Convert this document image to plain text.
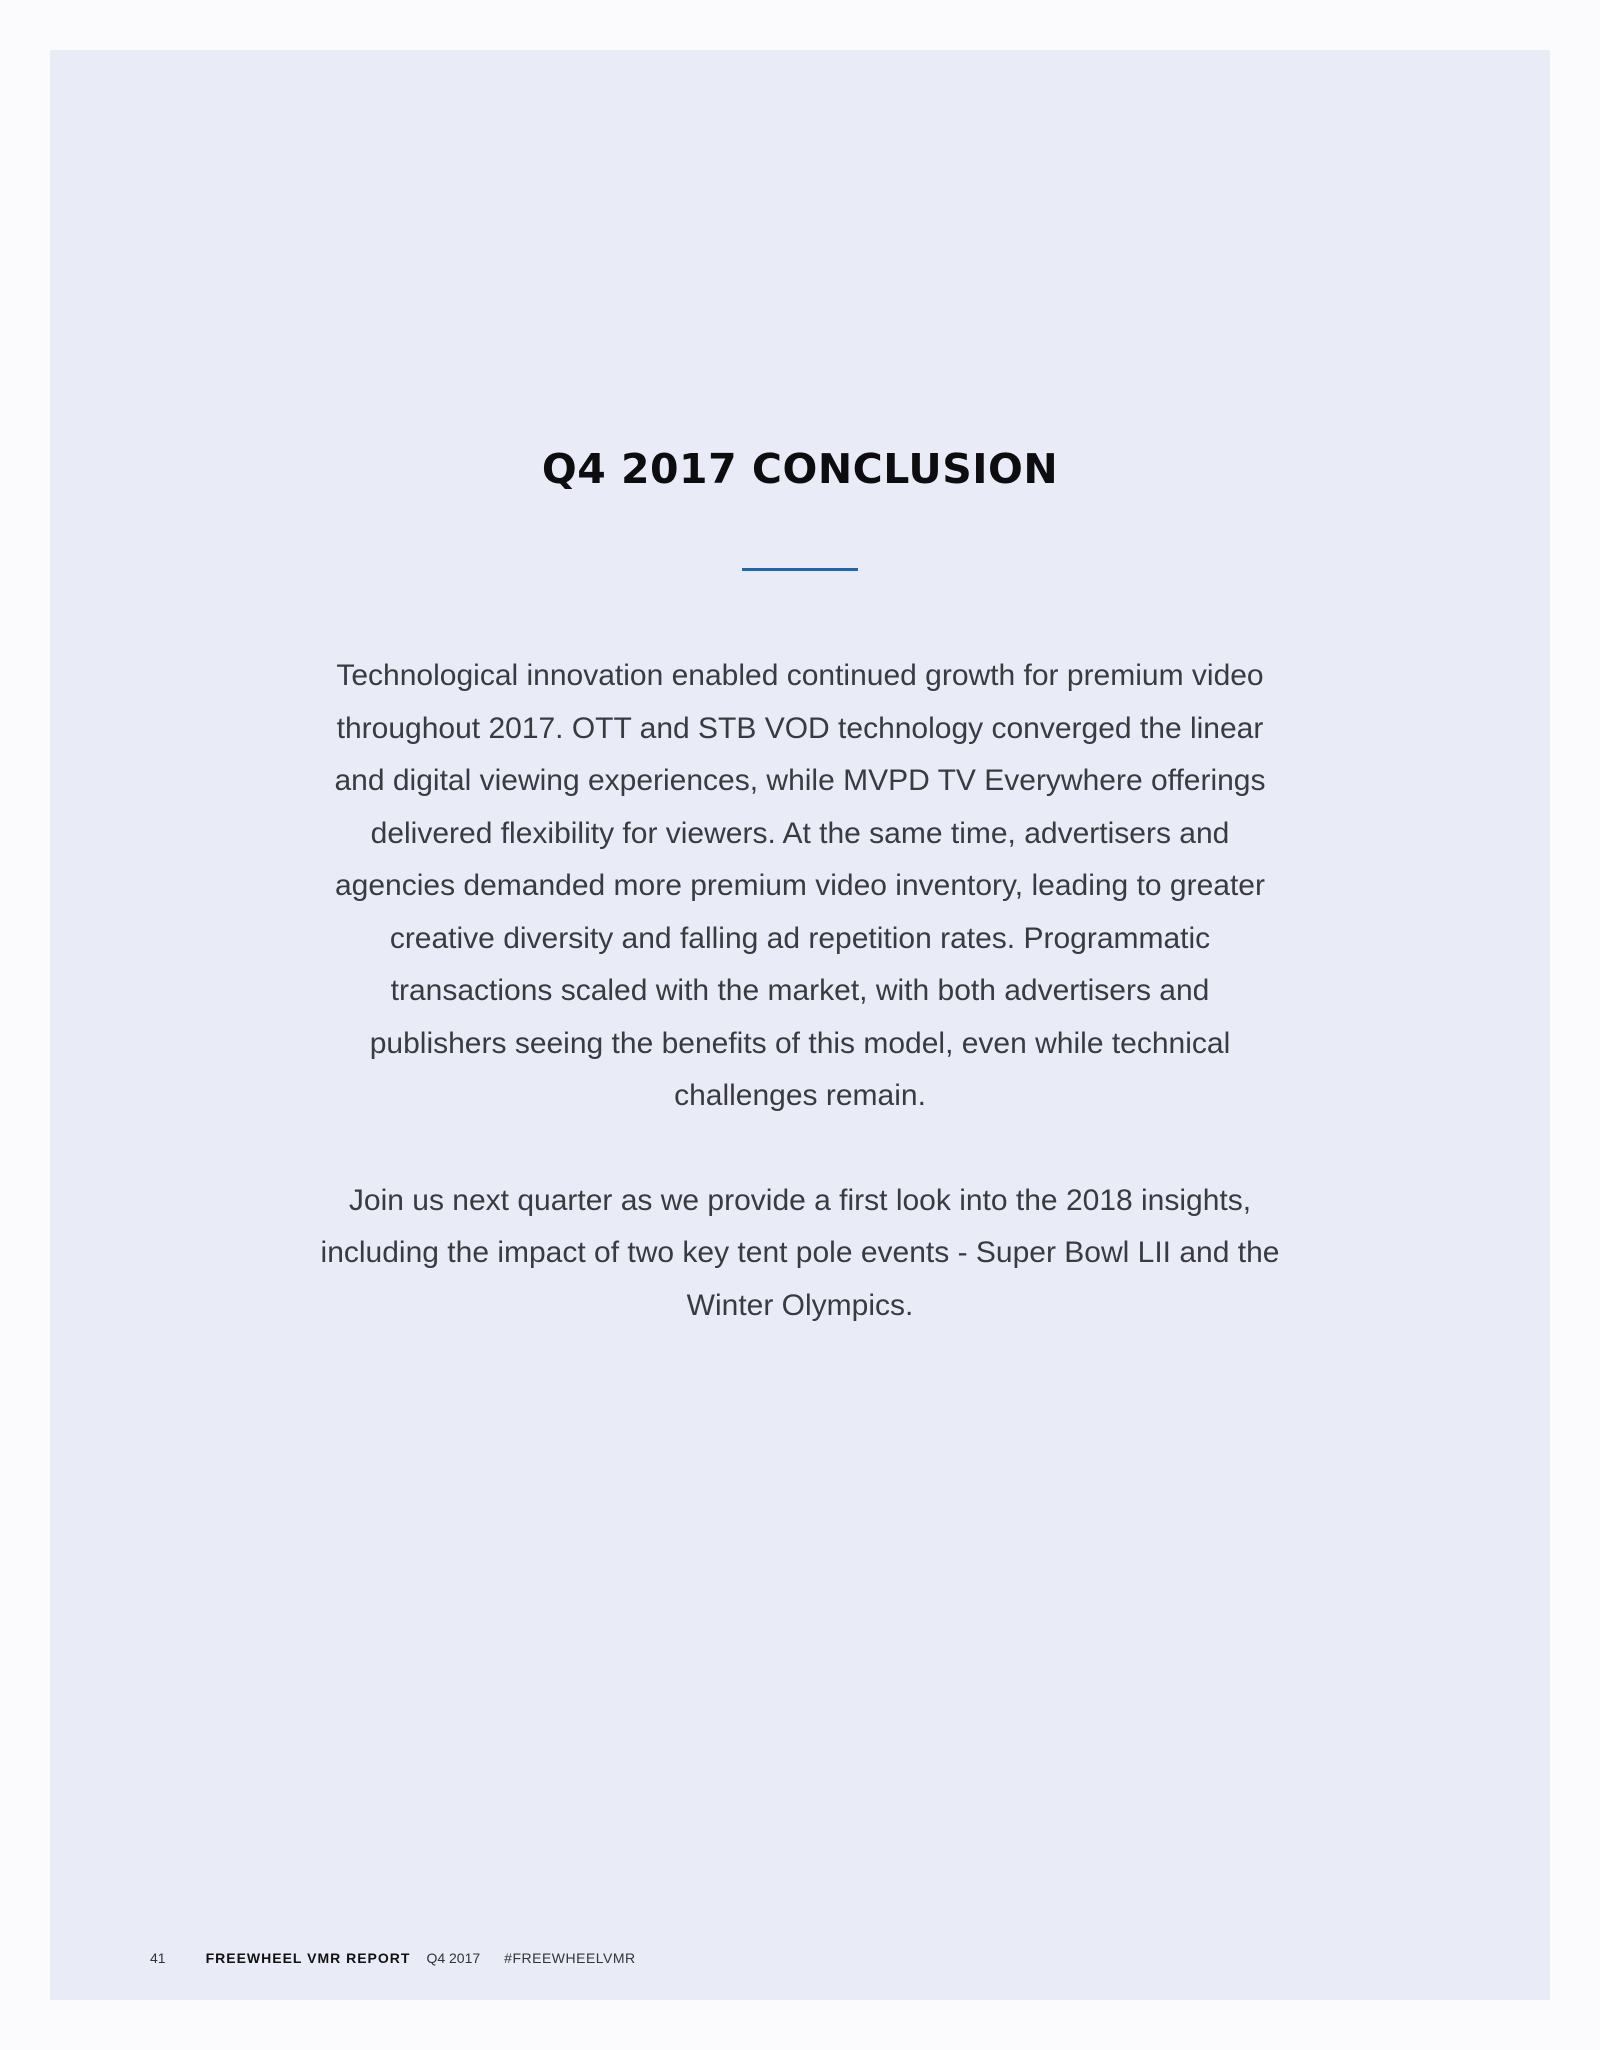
Q4 2017 CONCLUSION

Technological innovation enabled continued growth for premium video throughout 2017. OTT and STB VOD technology converged the linear and digital viewing experiences, while MVPD TV Everywhere offerings delivered flexibility for viewers. At the same time, advertisers and agencies demanded more premium video inventory, leading to greater creative diversity and falling ad repetition rates. Programmatic transactions scaled with the market, with both advertisers and publishers seeing the benefits of this model, even while technical challenges remain.

Join us next quarter as we provide a first look into the 2018 insights, including the impact of two key tent pole events - Super Bowl LII and the Winter Olympics.

41	FREEWHEEL VMR REPORT Q4 2017 #FREEWHEELVMR
